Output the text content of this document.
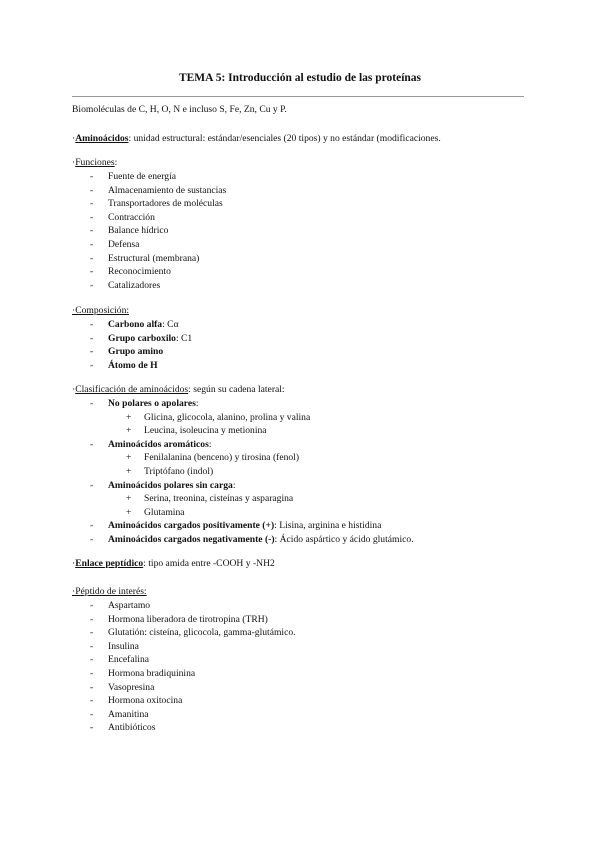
TEMA 5: Introducción al estudio de las proteínas
Biomoléculas de C, H, O, N e incluso S, Fe, Zn, Cu y P.
·Aminoácidos: unidad estructural: estándar/esenciales (20 tipos) y no estándar (modificaciones.
·Funciones:
- Fuente de energía
- Almacenamiento de sustancias
- Transportadores de moléculas
- Contracción
- Balance hídrico
- Defensa
- Estructural (membrana)
- Reconocimiento
- Catalizadores
·Composición:
- Carbono alfa: Cα
- Grupo carboxilo: C1
- Grupo amino
- Átomo de H
·Clasificación de aminoácidos: según su cadena lateral:
- No polares o apolares:
+ Glicina, glicocola, alanino, prolina y valina
+ Leucina, isoleucina y metionina
- Aminoácidos aromáticos:
+ Fenilalanina (benceno) y tirosina (fenol)
+ Triptófano (indol)
- Aminoácidos polares sin carga:
+ Serina, treonina, cisteínas y asparagina
+ Glutamina
- Aminoácidos cargados positivamente (+): Lisina, arginina e histidina
- Aminoácidos cargados negativamente (-): Ácido aspártico y ácido glutámico.
·Enlace peptídico: tipo amida entre -COOH y -NH2
·Péptido de interés:
- Aspartamo
- Hormona liberadora de tirotropina (TRH)
- Glutatión: cisteína, glicocola, gamma-glutámico.
- Insulina
- Encefalina
- Hormona bradiquinina
- Vasopresina
- Hormona oxitocina
- Amanitina
- Antibióticos
